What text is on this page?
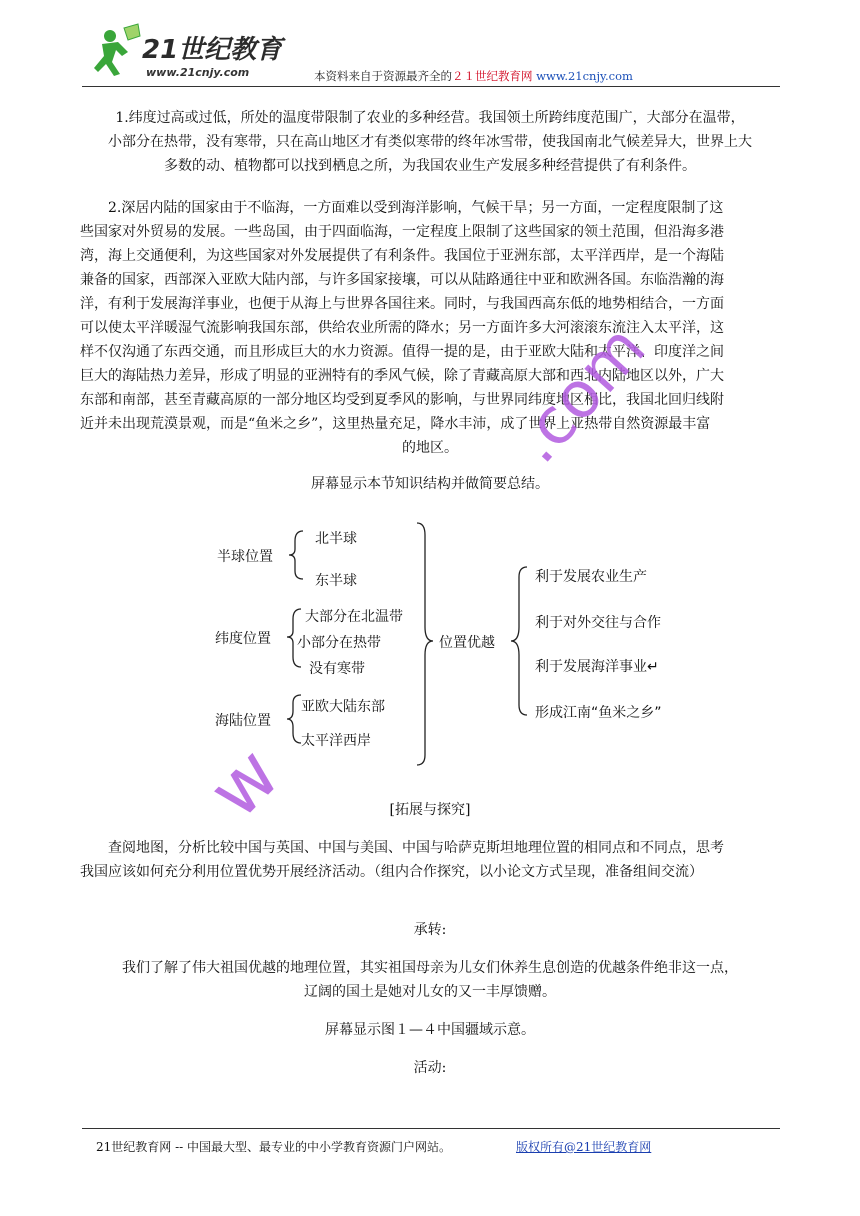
21世纪教育
www.21cnjy.com	本资料来自于资源最齐全的２１世纪教育网 www.21cnjy.com
1.纬度过高或过低，所处的温度带限制了农业的多种经营。我国领土所跨纬度范围广，大部分在温带，
小部分在热带，没有寒带，只在高山地区才有类似寒带的终年冰雪带，使我国南北气候差异大，世界上大
多数的动、植物都可以找到栖息之所，为我国农业生产发展多种经营提供了有利条件。
2.深居内陆的国家由于不临海，一方面难以受到海洋影响，气候干旱；另一方面，一定程度限制了这
些国家对外贸易的发展。一些岛国，由于四面临海，一定程度上限制了这些国家的领土范围，但沿海多港
湾，海上交通便利，为这些国家对外发展提供了有利条件。我国位于亚洲东部，太平洋西岸，是一个海陆
兼备的国家，西部深入亚欧大陆内部，与许多国家接壤，可以从陆路通往中亚和欧洲各国。东临浩瀚的海
洋，有利于发展海洋事业，也便于从海上与世界各国往来。同时，与我国西高东低的地势相结合，一方面
可以使太平洋暖湿气流影响我国东部，供给农业所需的降水；另一方面许多大河滚滚东流注入太平洋，这
样不仅沟通了东西交通，而且形成巨大的水力资源。值得一提的是，由于亚欧大陆和太平洋、印度洋之间
巨大的海陆热力差异，形成了明显的亚洲特有的季风气候，除了青藏高原大部和西北内陆地区以外，广大
东部和南部，甚至青藏高原的一部分地区均受到夏季风的影响，与世界同纬度地区相比，我国北回归线附
近并未出现荒漠景观，而是“鱼米之乡”，这里热量充足，降水丰沛，成了世界上亚热带自然资源最丰富
的地区。
屏幕显示本节知识结构并做简要总结。
半球位置
北半球
东半球
纬度位置
大部分在北温带
小部分在热带
没有寒带
海陆位置
亚欧大陆东部
太平洋西岸
位置优越
利于发展农业生产
利于对外交往与合作
利于发展海洋事业↵
形成江南“鱼米之乡”
[拓展与探究]
查阅地图，分析比较中国与英国、中国与美国、中国与哈萨克斯坦地理位置的相同点和不同点，思考
我国应该如何充分利用位置优势开展经济活动。（组内合作探究，以小论文方式呈现，准备组间交流）
承转:
我们了解了伟大祖国优越的地理位置，其实祖国母亲为儿女们休养生息创造的优越条件绝非这一点，
辽阔的国土是她对儿女的又一丰厚馈赠。
屏幕显示图１—４中国疆域示意。
活动:
.com
w
21世纪教育网 -- 中国最大型、最专业的中小学教育资源门户网站。	版权所有@21世纪教育网
